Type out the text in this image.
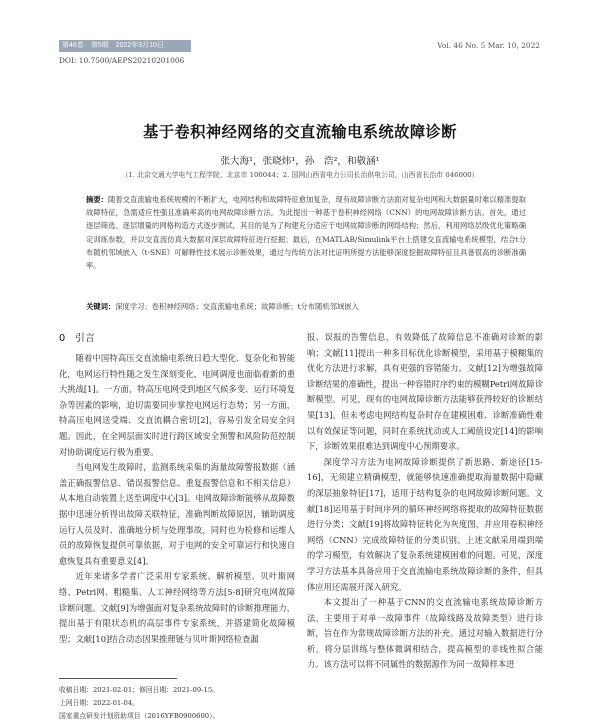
第46卷　第5期　2022年3月10日	Vol. 46 No. 5 Mar. 10, 2022
DOI: 10.7500/AEPS20210201006
基于卷积神经网络的交直流输电系统故障诊断
张大海¹，张晓炜¹，孙　浩²，和敬涵¹
（1. 北京交通大学电气工程学院，北京市 100044；2. 国网山西省电力公司长治供电公司，山西省长治市 046000）
摘要：随着交直流输电系统规模的不断扩大，电网结构和故障特征愈加复杂，现有故障诊断方法面对复杂电网和大数据量时难以精准提取故障特征，急需适应性强且准确率高的电网故障诊断方法。为此提出一种基于卷积神经网络（CNN）的电网故障诊断方法。首先，通过逐层筛选、逐层增量的网格构造方式逐步测试，其目的是为了构建充分适应于电网故障诊断的网络结构；然后，利用网络层级优化策略确定训练参数，并以交直流仿真大数据对深层故障特征进行挖掘；最后，在MATLAB/Simulink平台上搭建交直流输电系统模型，结合t分布随机邻域嵌入（t-SNE）可解释性技术展示诊断效果，通过与传统方法对比证明所提方法能够深度挖掘故障特征且具备很高的诊断准确率。
关键词：深度学习；卷积神经网络；交直流输电系统；故障诊断；t分布随机邻域嵌入
0　引言

随着中国特高压交直流输电系统日趋大型化、复杂化和智能化，电网运行特性随之发生深刻变化，电网调度也面临着新的重大挑战[1]。一方面，特高压电网受到地区气候多变、运行环境复杂等因素的影响，迫切需要同步掌控电网运行态势；另一方面，特高压电网送受端、交直流耦合密切[2]，容易引发全局安全问题。因此，在全网层面实时进行跨区域安全预警和风险防范控制对协助调度运行极为重要。

当电网发生故障时，监测系统采集的海量故障警报数据（涵盖正确报警信息、错误报警信息、重复报警信息和不相关信息）从本地自动装置上送至调度中心[3]。电网故障诊断能够从故障数据中迅速分析得出故障关联特征，准确判断故障原因，辅助调度运行人员及时、准确地分析与处理事故，同时也为检修和运维人员的故障恢复提供可靠依据，对于电网的安全可靠运行和快速自愈恢复具有重要意义[4]。

近年来诸多学者广泛采用专家系统、解析模型、贝叶斯网络、Petri网、粗糙集、人工神经网络等方法[5-8]研究电网故障诊断问题。文献[9]为增强面对复杂系统故障时的诊断推理能力，提出基于有限状态机的高层事件专家系统，并搭建简化故障模型；文献[10]结合动态因果推理链与贝叶斯网络检查漏

报、误报的告警信息，有效降低了故障信息不准确对诊断的影响；文献[11]提出一种多目标优化诊断模型，采用基于模糊集的优化方法进行求解，具有更强的容错能力。文献[12]为增强故障诊断结果的准确性，提出一种容错时序约束的模糊Petri网故障诊断模型。可见，现有的电网故障诊断方法能够获得较好的诊断结果[13]，但未考虑电网结构复杂时存在建模困难、诊断准确性难以有效保证等问题，同时在系统扰动或人工阈值设定[14]的影响下，诊断效果很难达到调度中心预期要求。

深度学习方法为电网故障诊断提供了新思路、新途径[15-16]，无须建立精确模型，就能够快速准确提取海量数据中隐藏的深层抽象特征[17]，适用于结构复杂的电网故障诊断问题。文献[18]运用基于时间序列的循环神经网络将提取的故障特征数据进行分类；文献[19]将故障特征转化为灰度图，并应用卷积神经网络（CNN）完成故障特征的分类识别。上述文献采用端到端的学习模型，有效解决了复杂系统建模困难的问题。可见，深度学习方法基本具备应用于交直流输电系统故障诊断的条件，但具体应用还需展开深入研究。

本文提出了一种基于CNN的交直流输电系统故障诊断方法，主要用于对单一故障事件（故障线路及故障类型）进行诊断，旨在作为常规故障诊断方法的补充。通过对输入数据进行分析，将分层训练与整体微调相结合，提高模型的非线性拟合能力。该方法可以将不同属性的数据源作为同一故障样本进

收稿日期：2021-02-01；修回日期：2021-09-15。
上网日期：2022-01-04。
国家重点研发计划资助项目（2016YFB0900600）。
